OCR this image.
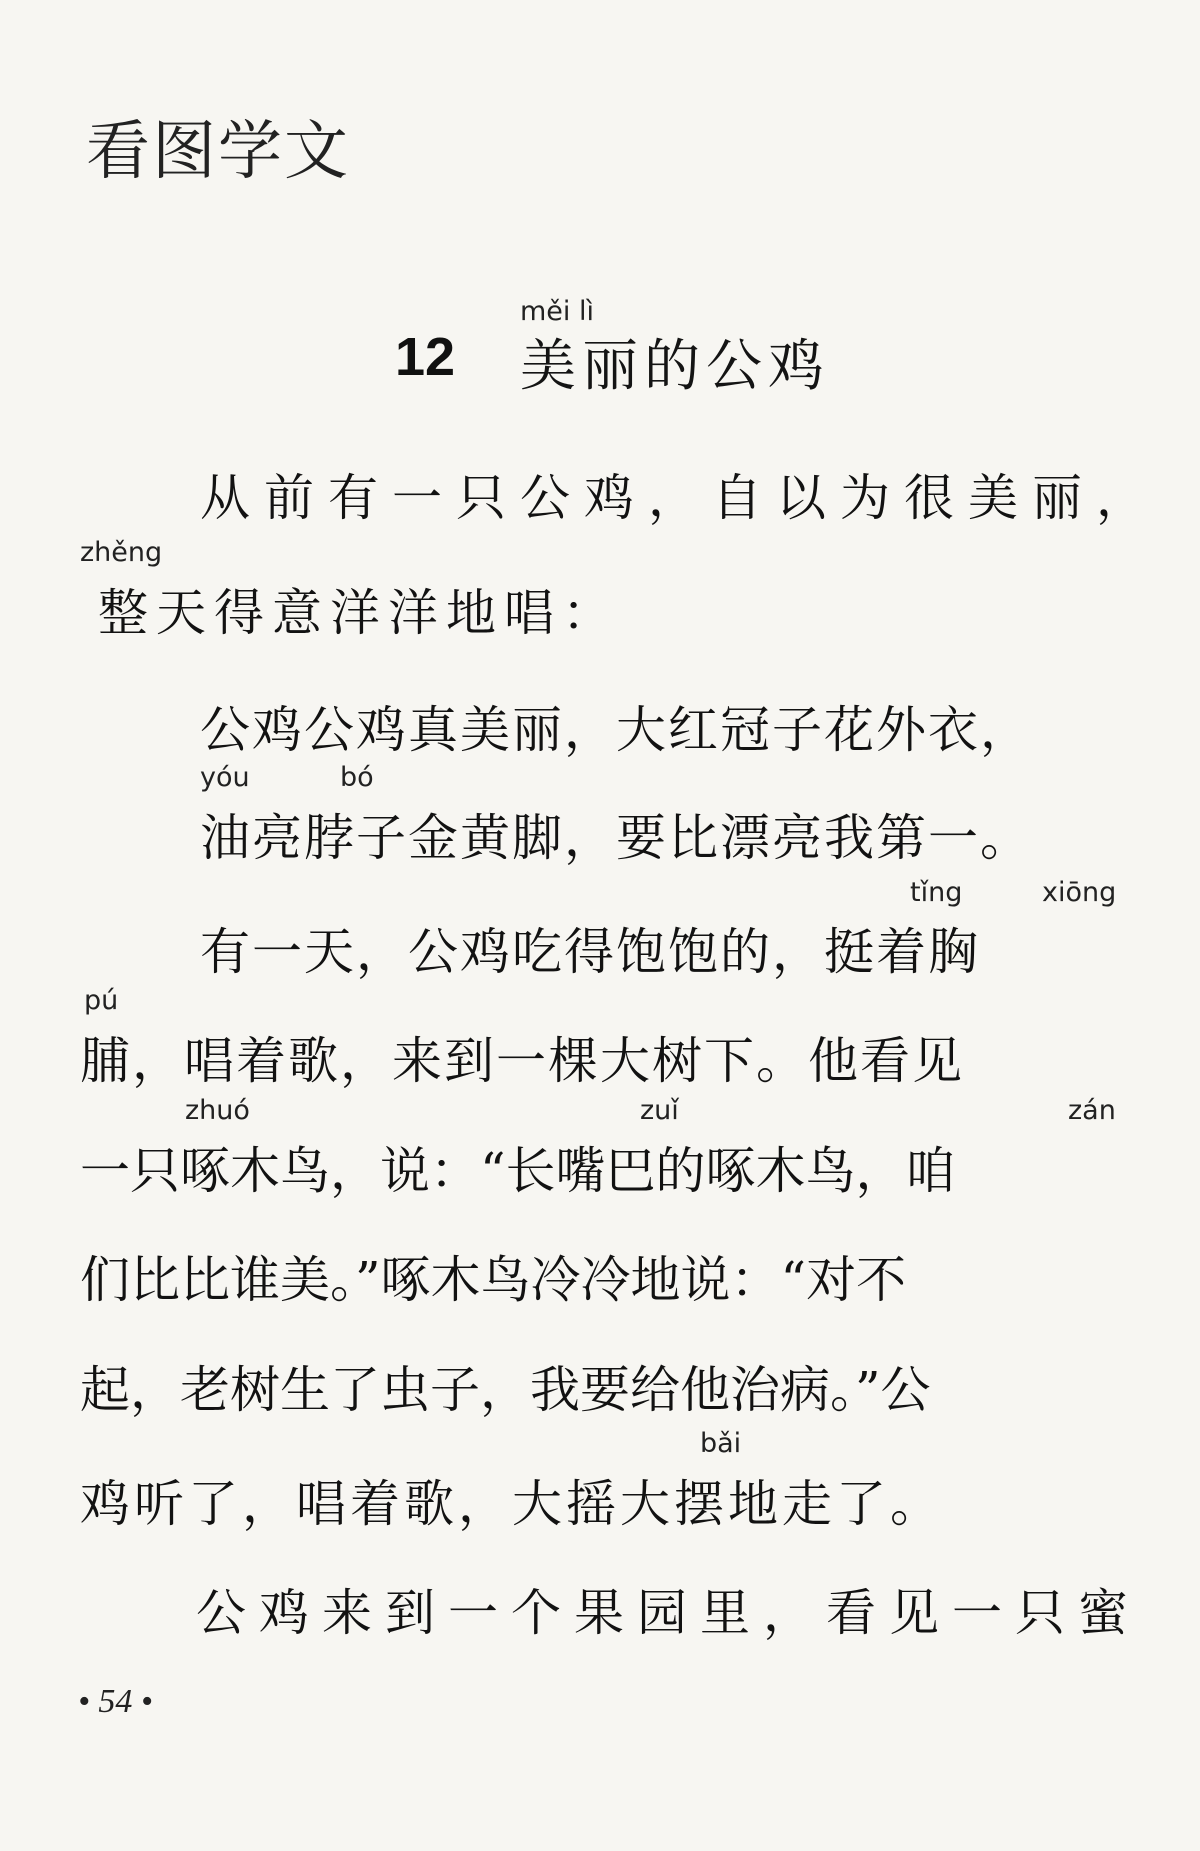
看图学文
měi lì
12 美丽的公鸡
从前有一只公鸡，自以为很美丽，
zhěng
整天得意洋洋地唱：
公鸡公鸡真美丽，大红冠子花外衣，
yóu	bó
油亮脖子金黄脚，要比漂亮我第一。
tǐng	xiōng
有一天，公鸡吃得饱饱的，挺着胸
pú
脯，唱着歌，来到一棵大树下。他看见
zhuó	zuǐ	zán
一只啄木鸟，说：“长嘴巴的啄木鸟，咱
们比比谁美。”啄木鸟冷冷地说：“对不
起，老树生了虫子，我要给他治病。”公
bǎi
鸡听了，唱着歌，大摇大摆地走了。
公鸡来到一个果园里，看见一只蜜
• 54 •
